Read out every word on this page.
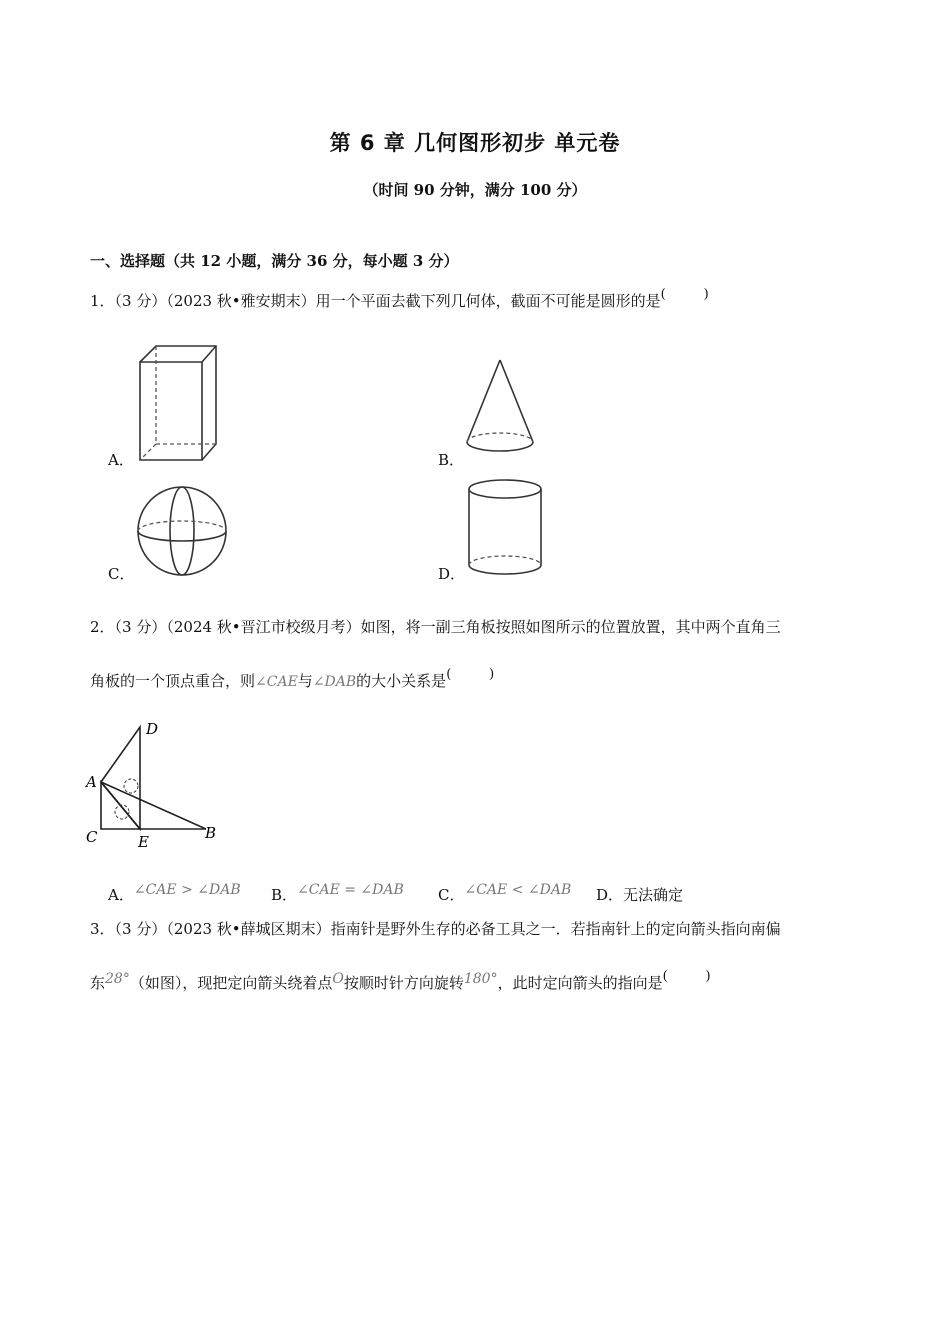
第 6 章 几何图形初步 单元卷
（时间 90 分钟，满分 100 分）
一、选择题（共 12 小题，满分 36 分，每小题 3 分）
1．（3 分）（2023 秋•雅安期末）用一个平面去截下列几何体，截面不可能是圆形的是(	)
A．	B．
C．	D．
2．（3 分）（2024 秋•晋江市校级月考）如图，将一副三角板按照如图所示的位置放置，其中两个直角三
角板的一个顶点重合，则∠CAE与∠DAB的大小关系是(	)
D
A
C	E	B
A．∠CAE > ∠DAB B．∠CAE = ∠DAB C．∠CAE < ∠DAB D．无法确定
3．（3 分）（2023 秋•薛城区期末）指南针是野外生存的必备工具之一．若指南针上的定向箭头指向南偏
东28°（如图），现把定向箭头绕着点O按顺时针方向旋转180°，此时定向箭头的指向是(	)
